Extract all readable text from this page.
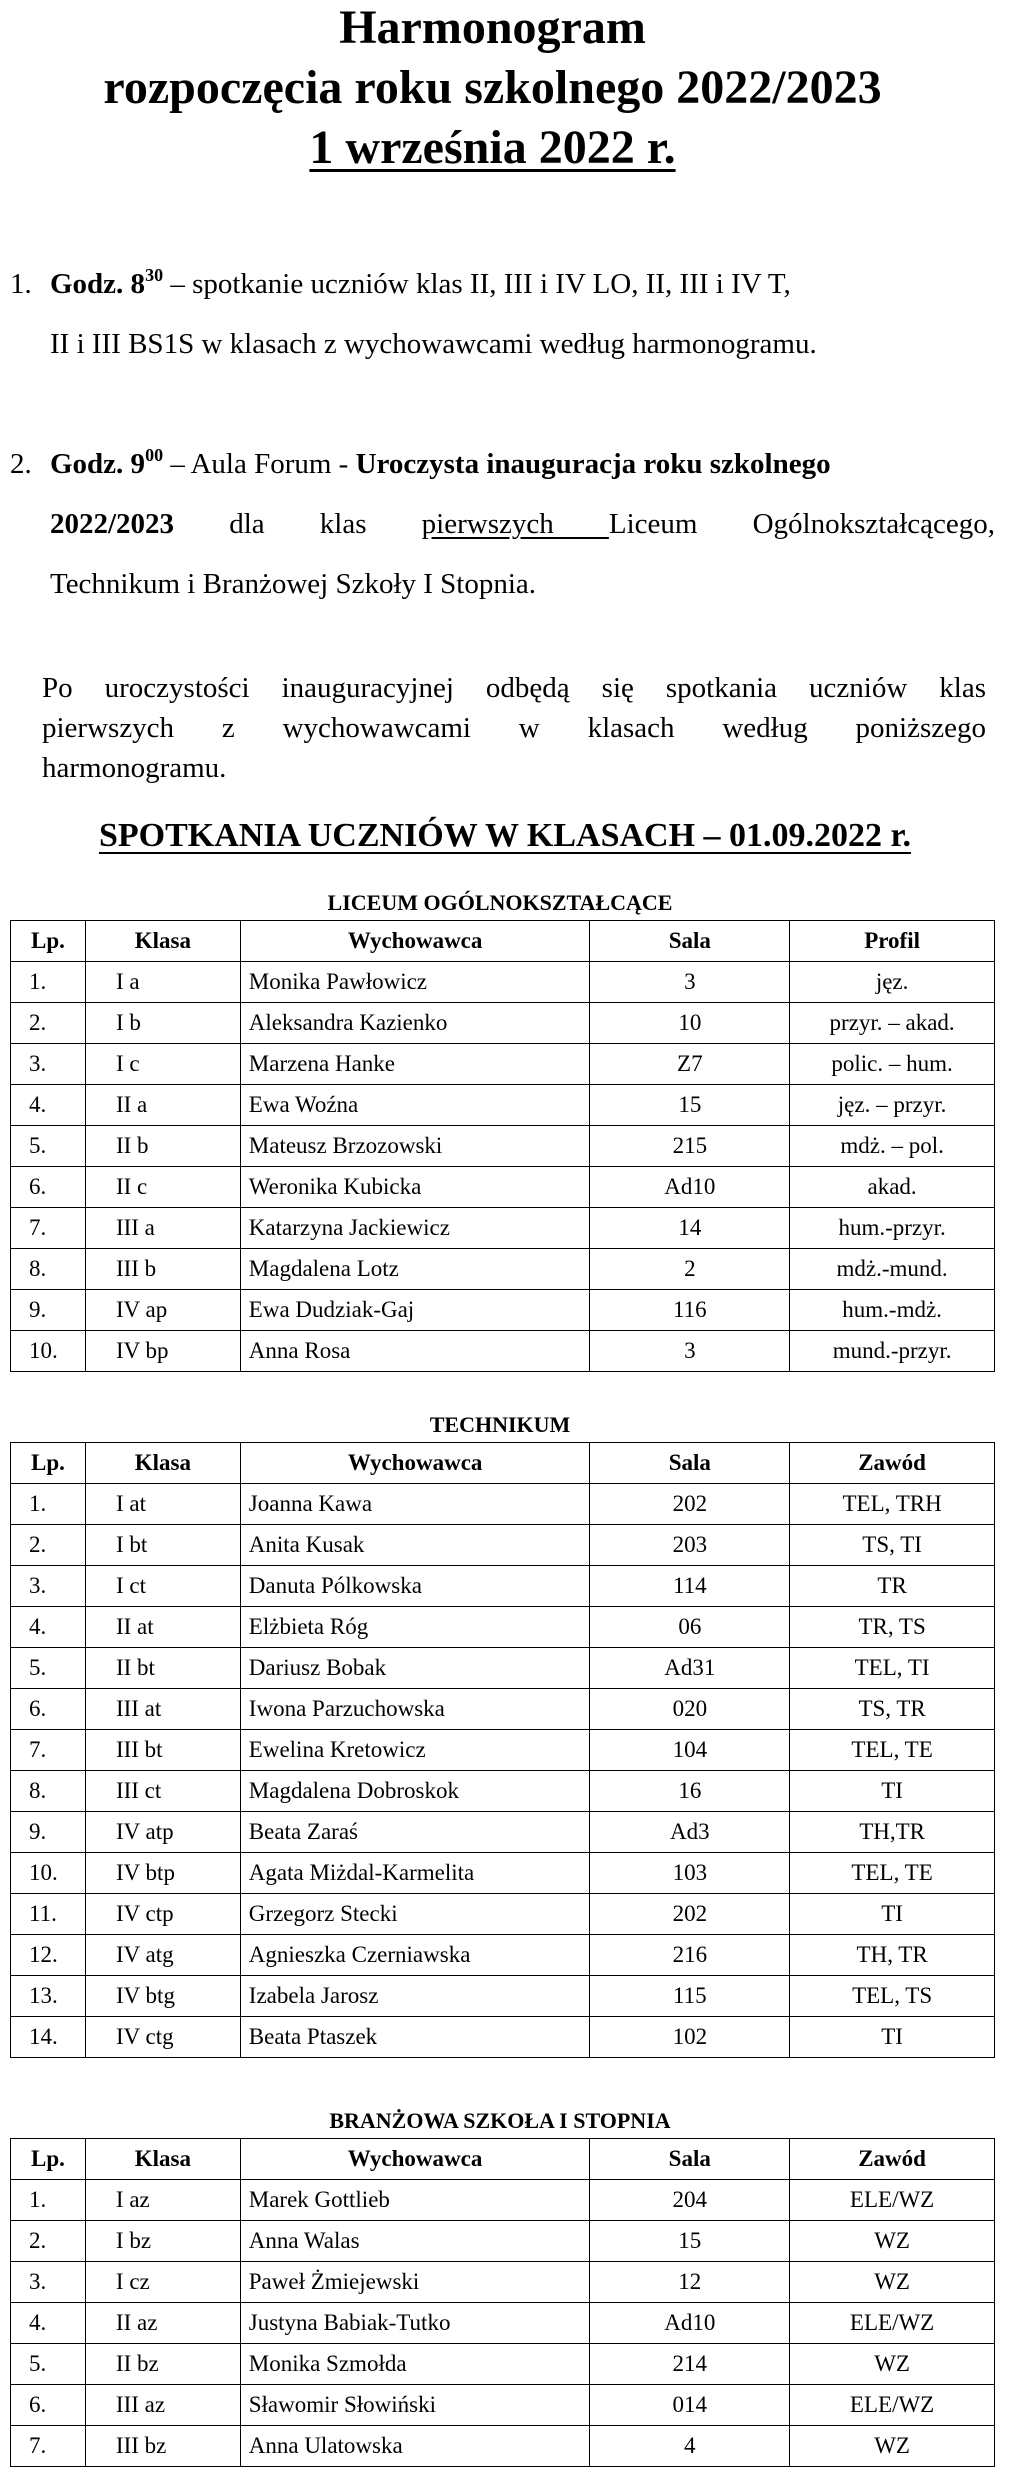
Harmonogram
rozpoczęcia roku szkolnego 2022/2023
1 września 2022 r.
1. Godz. $8^{30}$ – spotkanie uczniów klas II, III i IV LO, II, III i IV T,
II i III BS1S w klasach z wychowawcami według harmonogramu.
2. Godz. $9^{00}$ – Aula Forum - Uroczysta inauguracja roku szkolnego
2022/2023 dla klas pierwszych Liceum Ogólnokształcącego,
Technikum i Branżowej Szkoły I Stopnia.
Po uroczystości inauguracyjnej odbędą się spotkania uczniów klas
pierwszych z wychowawcami w klasach według poniższego
harmonogramu.
SPOTKANIA UCZNIÓW W KLASACH – 01.09.2022 r.
LICEUM OGÓLNOKSZTAŁCĄCE
Lp.	Klasa	Wychowawca	Sala	Profil
1.	I a	Monika Pawłowicz	3	jęz.
2.	I b	Aleksandra Kazienko	10	przyr. – akad.
3.	I c	Marzena Hanke	Z7	polic. – hum.
4.	II a	Ewa Woźna	15	jęz. – przyr.
5.	II b	Mateusz Brzozowski	215	mdż. – pol.
6.	II c	Weronika Kubicka	Ad10	akad.
7.	III a	Katarzyna Jackiewicz	14	hum.-przyr.
8.	III b	Magdalena Lotz	2	mdż.-mund.
9.	IV ap	Ewa Dudziak-Gaj	116	hum.-mdż.
10.	IV bp	Anna Rosa	3	mund.-przyr.
TECHNIKUM
Lp.	Klasa	Wychowawca	Sala	Zawód
1.	I at	Joanna Kawa	202	TEL, TRH
2.	I bt	Anita Kusak	203	TS, TI
3.	I ct	Danuta Pólkowska	114	TR
4.	II at	Elżbieta Róg	06	TR, TS
5.	II bt	Dariusz Bobak	Ad31	TEL, TI
6.	III at	Iwona Parzuchowska	020	TS, TR
7.	III bt	Ewelina Kretowicz	104	TEL, TE
8.	III ct	Magdalena Dobroskok	16	TI
9.	IV atp	Beata Zaraś	Ad3	TH,TR
10.	IV btp	Agata Miżdal-Karmelita	103	TEL, TE
11.	IV ctp	Grzegorz Stecki	202	TI
12.	IV atg	Agnieszka Czerniawska	216	TH, TR
13.	IV btg	Izabela Jarosz	115	TEL, TS
14.	IV ctg	Beata Ptaszek	102	TI
BRANŻOWA SZKOŁA I STOPNIA
Lp.	Klasa	Wychowawca	Sala	Zawód
1.	I az	Marek Gottlieb	204	ELE/WZ
2.	I bz	Anna Walas	15	WZ
3.	I cz	Paweł Żmiejewski	12	WZ
4.	II az	Justyna Babiak-Tutko	Ad10	ELE/WZ
5.	II bz	Monika Szmołda	214	WZ
6.	III az	Sławomir Słowiński	014	ELE/WZ
7.	III bz	Anna Ulatowska	4	WZ
